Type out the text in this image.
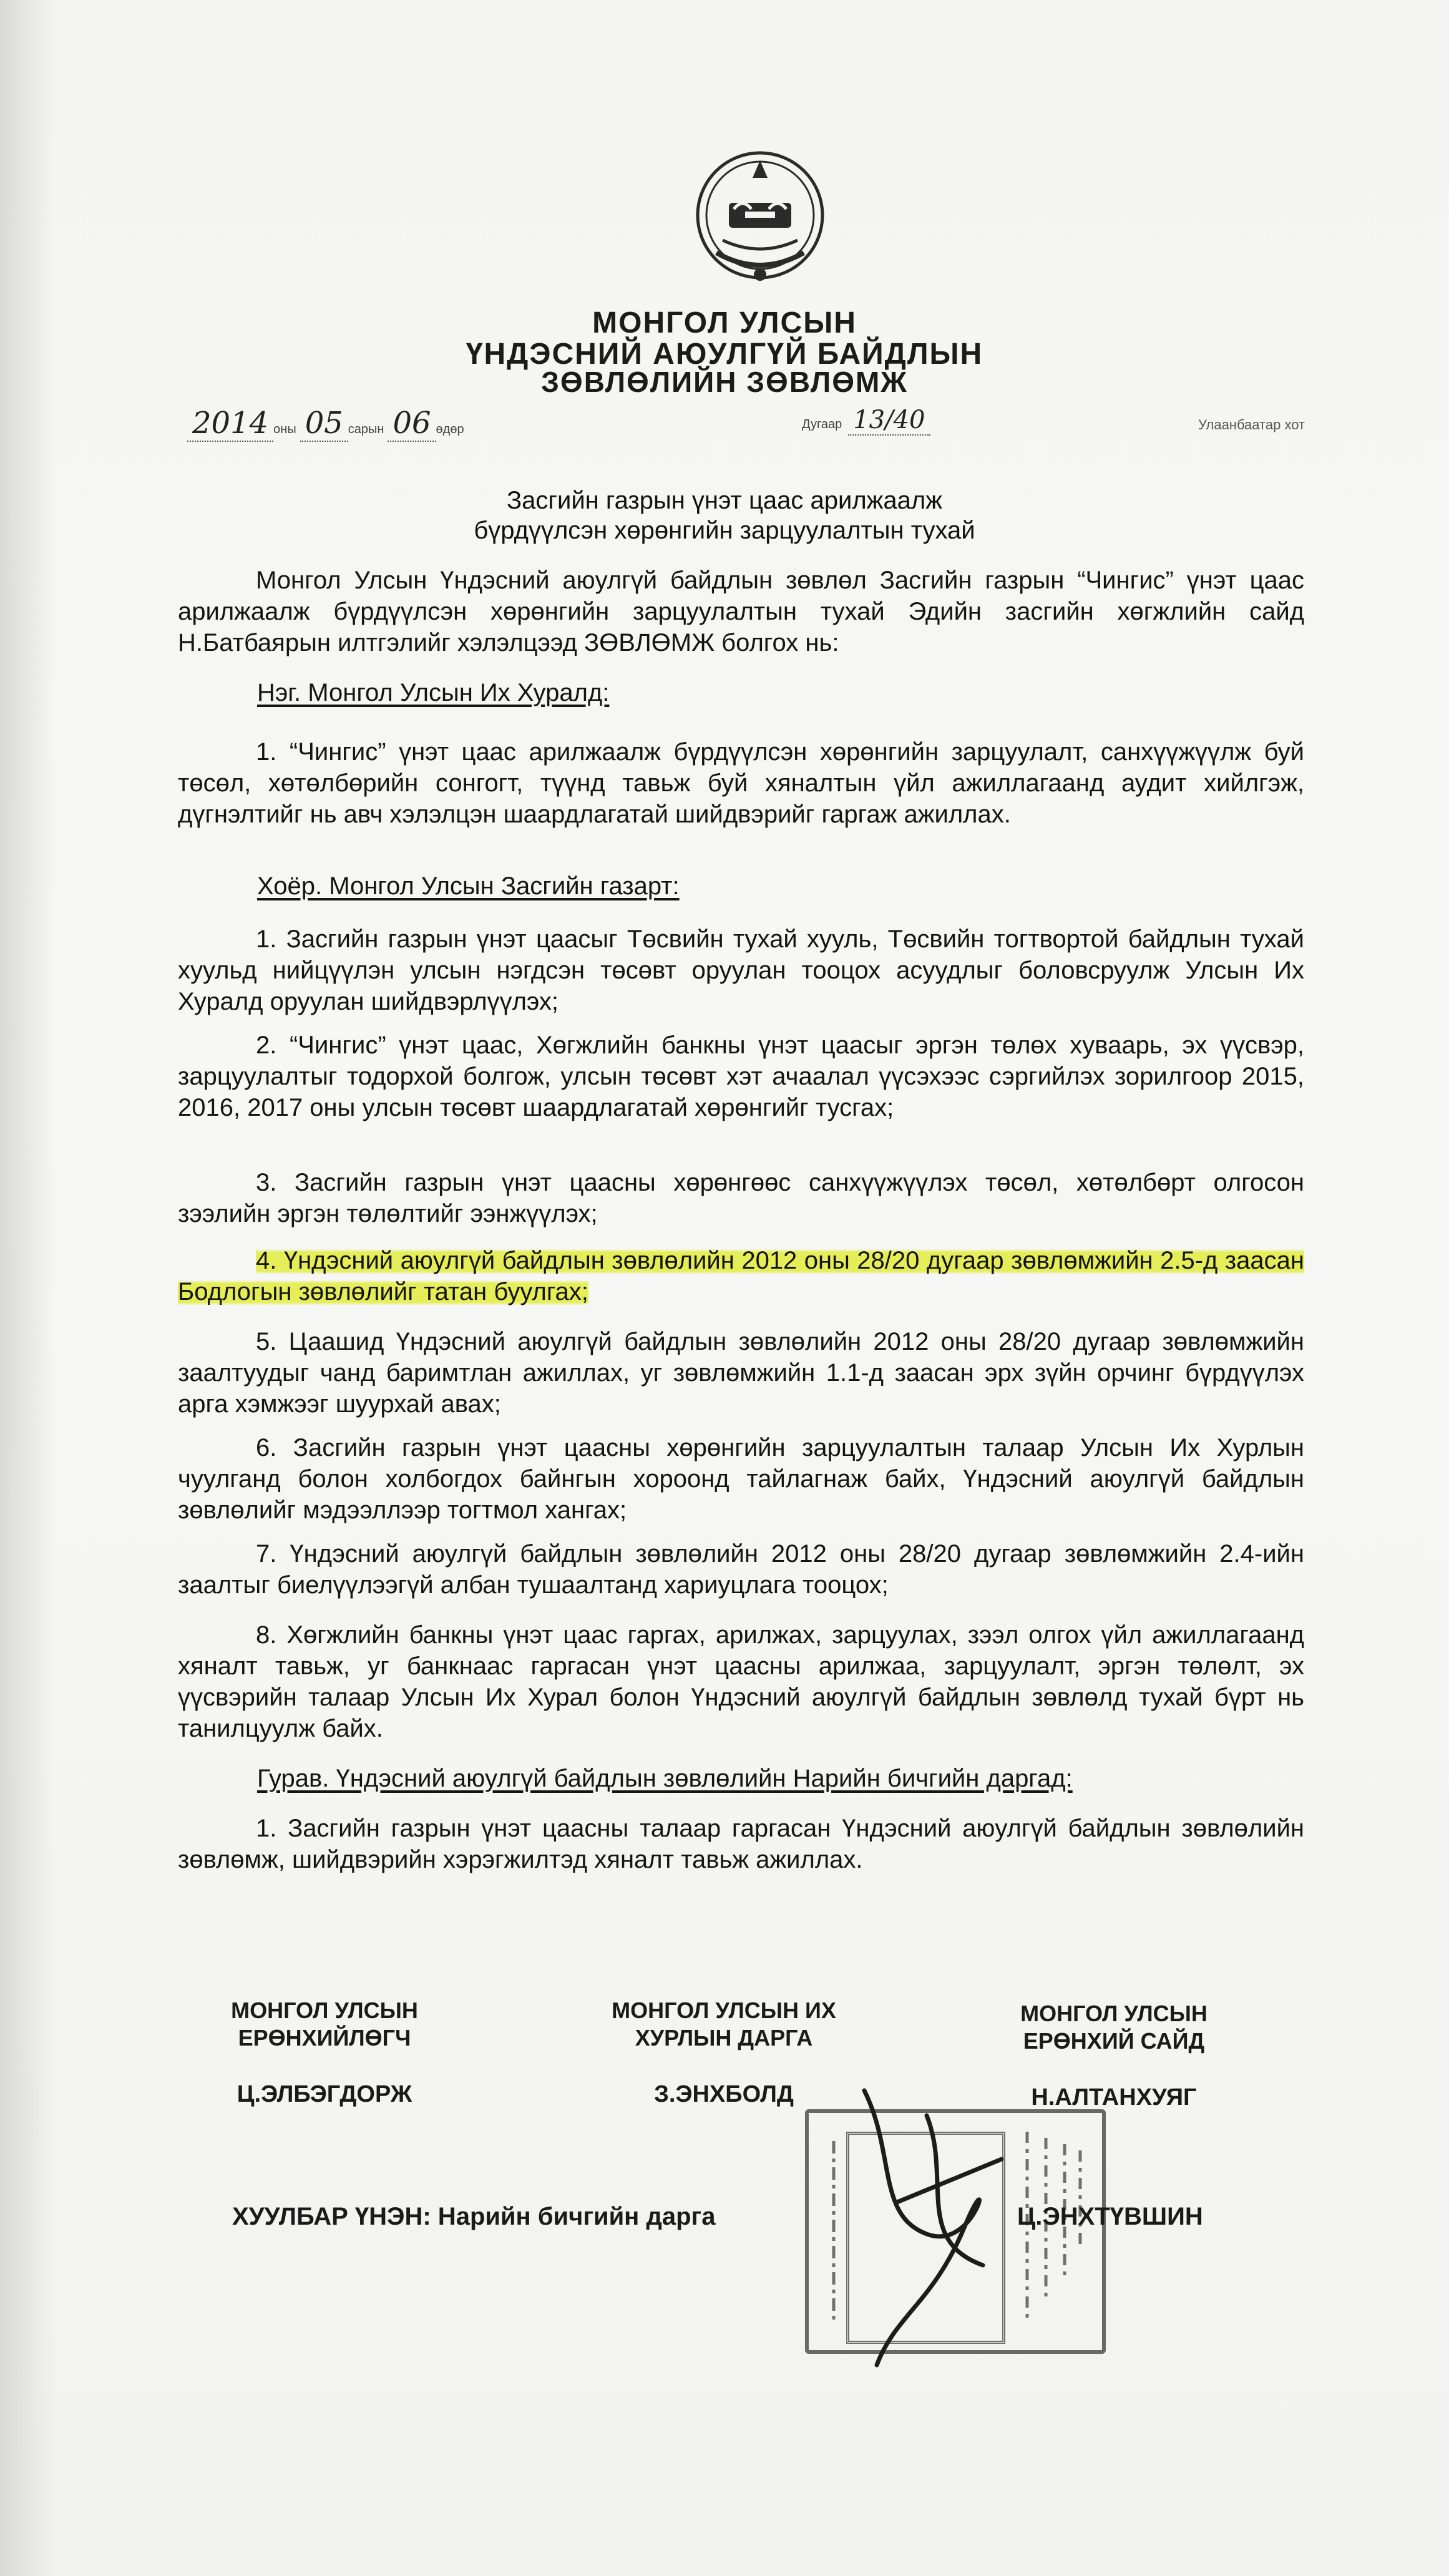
МОНГОЛ УЛСЫН
ҮНДЭСНИЙ АЮУЛГҮЙ БАЙДЛЫН
ЗӨВЛӨЛИЙН ЗӨВЛӨМЖ
2014 оны 05 сарын 06 өдөр	Дугаар 13/40	Улаанбаатар хот
Засгийн газрын үнэт цаас арилжаалж
бүрдүүлсэн хөрөнгийн зарцуулалтын тухай

Монгол Улсын Үндэсний аюулгүй байдлын зөвлөл Засгийн газрын “Чингис” үнэт цаас арилжаалж бүрдүүлсэн хөрөнгийн зарцуулалтын тухай Эдийн засгийн хөгжлийн сайд Н.Батбаярын илтгэлийг хэлэлцээд ЗӨВЛӨМЖ болгох нь:

Нэг. Монгол Улсын Их Хуралд:

1. “Чингис” үнэт цаас арилжаалж бүрдүүлсэн хөрөнгийн зарцуулалт, санхүүжүүлж буй төсөл, хөтөлбөрийн сонгогт, түүнд тавьж буй хяналтын үйл ажиллагаанд аудит хийлгэж, дүгнэлтийг нь авч хэлэлцэн шаардлагатай шийдвэрийг гаргаж ажиллах.

Хоёр. Монгол Улсын Засгийн газарт:

1. Засгийн газрын үнэт цаасыг Төсвийн тухай хууль, Төсвийн тогтвортой байдлын тухай хуульд нийцүүлэн улсын нэгдсэн төсөвт оруулан тооцох асуудлыг боловсруулж Улсын Их Хуралд оруулан шийдвэрлүүлэх;

2. “Чингис” үнэт цаас, Хөгжлийн банкны үнэт цаасыг эргэн төлөх хуваарь, эх үүсвэр, зарцуулалтыг тодорхой болгож, улсын төсөвт хэт ачаалал үүсэхээс сэргийлэх зорилгоор 2015, 2016, 2017 оны улсын төсөвт шаардлагатай хөрөнгийг тусгах;

3. Засгийн газрын үнэт цаасны хөрөнгөөс санхүүжүүлэх төсөл, хөтөлбөрт олгосон зээлийн эргэн төлөлтийг ээнжүүлэх;

4. Үндэсний аюулгүй байдлын зөвлөлийн 2012 оны 28/20 дугаар зөвлөмжийн 2.5-д заасан Бодлогын зөвлөлийг татан буулгах;

5. Цаашид Үндэсний аюулгүй байдлын зөвлөлийн 2012 оны 28/20 дугаар зөвлөмжийн заалтуудыг чанд баримтлан ажиллах, уг зөвлөмжийн 1.1-д заасан эрх зүйн орчинг бүрдүүлэх арга хэмжээг шуурхай авах;

6. Засгийн газрын үнэт цаасны хөрөнгийн зарцуулалтын талаар Улсын Их Хурлын чуулганд болон холбогдох байнгын хороонд тайлагнаж байх, Үндэсний аюулгүй байдлын зөвлөлийг мэдээллээр тогтмол хангах;

7. Үндэсний аюулгүй байдлын зөвлөлийн 2012 оны 28/20 дугаар зөвлөмжийн 2.4-ийн заалтыг биелүүлээгүй албан тушаалтанд хариуцлага тооцох;

8. Хөгжлийн банкны үнэт цаас гаргах, арилжах, зарцуулах, зээл олгох үйл ажиллагаанд хяналт тавьж, уг банкнаас гаргасан үнэт цаасны арилжаа, зарцуулалт, эргэн төлөлт, эх үүсвэрийн талаар Улсын Их Хурал болон Үндэсний аюулгүй байдлын зөвлөлд тухай бүрт нь танилцуулж байх.

Гурав. Үндэсний аюулгүй байдлын зөвлөлийн Нарийн бичгийн даргад:

1. Засгийн газрын үнэт цаасны талаар гаргасан Үндэсний аюулгүй байдлын зөвлөлийн зөвлөмж, шийдвэрийн хэрэгжилтэд хяналт тавьж ажиллах.

МОНГОЛ УЛСЫН
ЕРӨНХИЙЛӨГЧ
Ц.ЭЛБЭГДОРЖ
МОНГОЛ УЛСЫН ИХ
ХУРЛЫН ДАРГА
З.ЭНХБОЛД
МОНГОЛ УЛСЫН
ЕРӨНХИЙ САЙД
Н.АЛТАНХУЯГ
ХУУЛБАР ҮНЭН: Нарийн бичгийн дарга	Ц.ЭНХТҮВШИН
